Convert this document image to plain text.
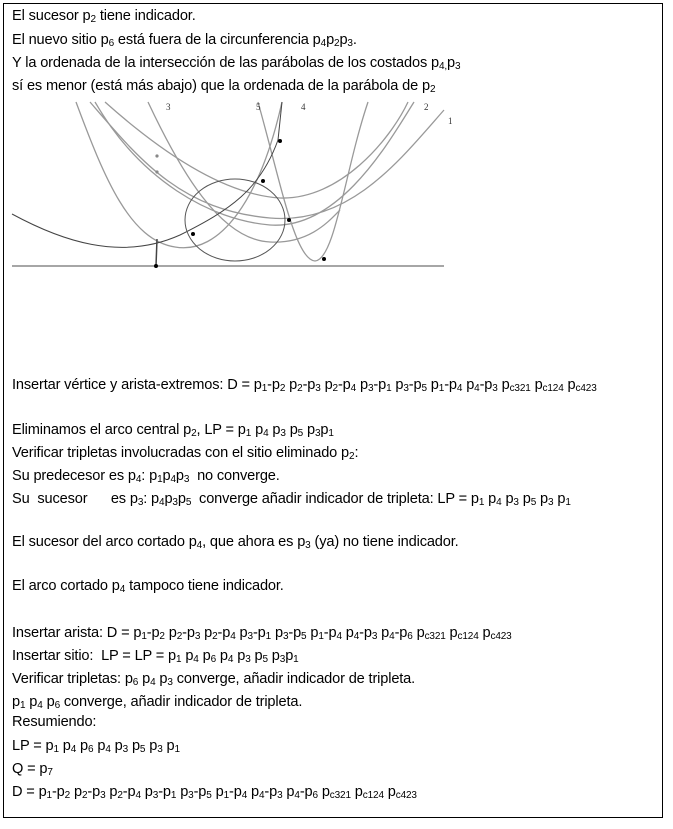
El sucesor $p_2$ tiene indicador.
El nuevo sitio $p_6$ está fuera de la circunferencia $p_4p_2p_3$.
Y la ordenada de la intersección de las parábolas de los costados $p_{4,}p_3$
sí es menor (está más abajo) que la ordenada de la parábola de $p_2$
3	5	4	2
1
Insertar vértice y arista-extremos: $D = p_1-p_2$ $p_2-p_3$ $p_2-p_4$ $p_3-p_1$ $p_3-p_5$ $p_1-p_4$ $p_4-p_3$ $p_{c321}$ $p_{c124}$ $p_{c423}$
Eliminamos el arco central $p_2$, LP = $p_1$ $p_4$ $p_3$ $p_5$ $p_3p_1$
Verificar tripletas involucradas con el sitio eliminado $p_2$:
Su predecesor es $p_4$: $p_1p_4p_3$  no converge.
Su  sucesor      es $p_3$: $p_4p_3p_5$  converge añadir indicador de tripleta: LP = $p_1$ $p_4$ $p_3$ $p_5$ $p_3$ $p_1$
El sucesor del arco cortado $p_4$, que ahora es $p_3$ (ya) no tiene indicador.
El arco cortado $p_4$ tampoco tiene indicador.
Insertar arista: $D = p_1-p_2$ $p_2-p_3$ $p_2-p_4$ $p_3-p_1$ $p_3-p_5$ $p_1-p_4$ $p_4-p_3$ $p_4-p_6$ $p_{c321}$ $p_{c124}$ $p_{c423}$
Insertar sitio:  LP = LP = $p_1$ $p_4$ $p_6$ $p_4$ $p_3$ $p_5$ $p_3p_1$
Verificar tripletas: $p_6$ $p_4$ $p_3$ converge, añadir indicador de tripleta.
$p_1$ $p_4$ $p_6$ converge, añadir indicador de tripleta.
Resumiendo:
LP = $p_1$ $p_4$ $p_6$ $p_4$ $p_3$ $p_5$ $p_3$ $p_1$
$Q = p_7$
$D = p_1-p_2$ $p_2-p_3$ $p_2-p_4$ $p_3-p_1$ $p_3-p_5$ $p_1-p_4$ $p_4-p_3$ $p_4-p_6$ $p_{c321}$ $p_{c124}$ $p_{c423}$
